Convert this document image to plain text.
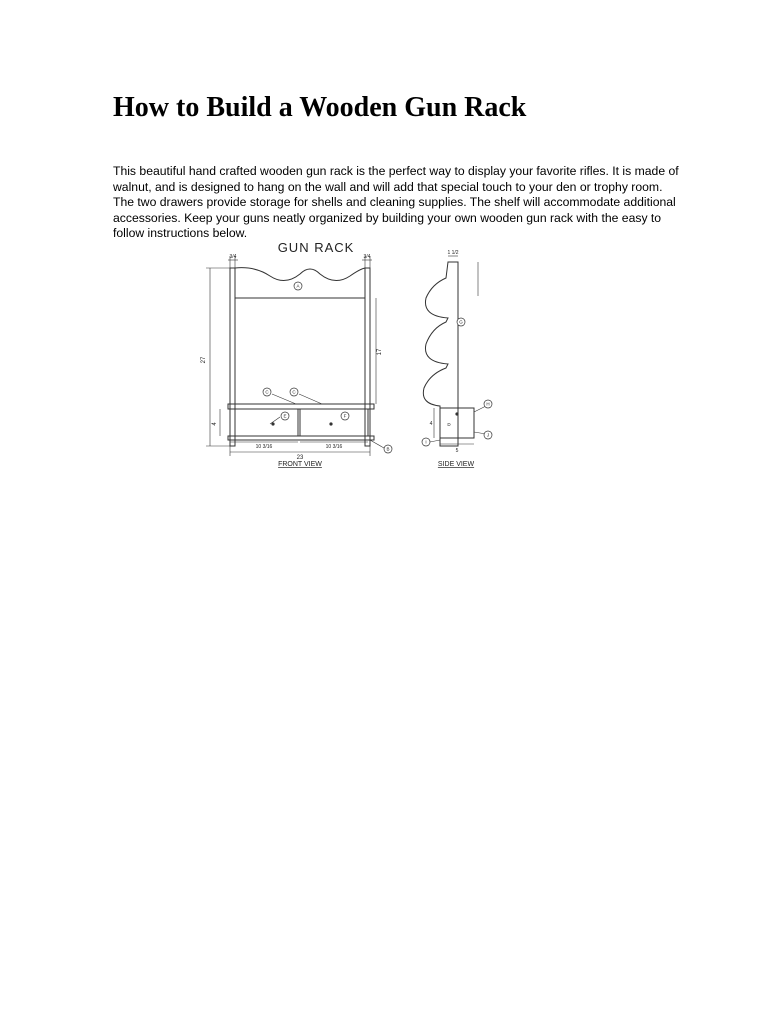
How to Build a Wooden Gun Rack

This beautiful hand crafted wooden gun rack is the perfect way to display your favorite rifles. It is made of walnut, and is designed to hang on the wall and will add that special touch to your den or trophy room. The two drawers provide storage for shells and cleaning supplies. The shelf will accommodate additional accessories. Keep your guns neatly organized by building your own wooden gun rack with the easy to follow instructions below.

GUN RACK
FRONT VIEW	SIDE VIEW
27
4
17
23
10 3/16	10 3/16
3/4	3/4
1 1/2
5
4
A
C	C
E	F
B
G
H
J
I
D
